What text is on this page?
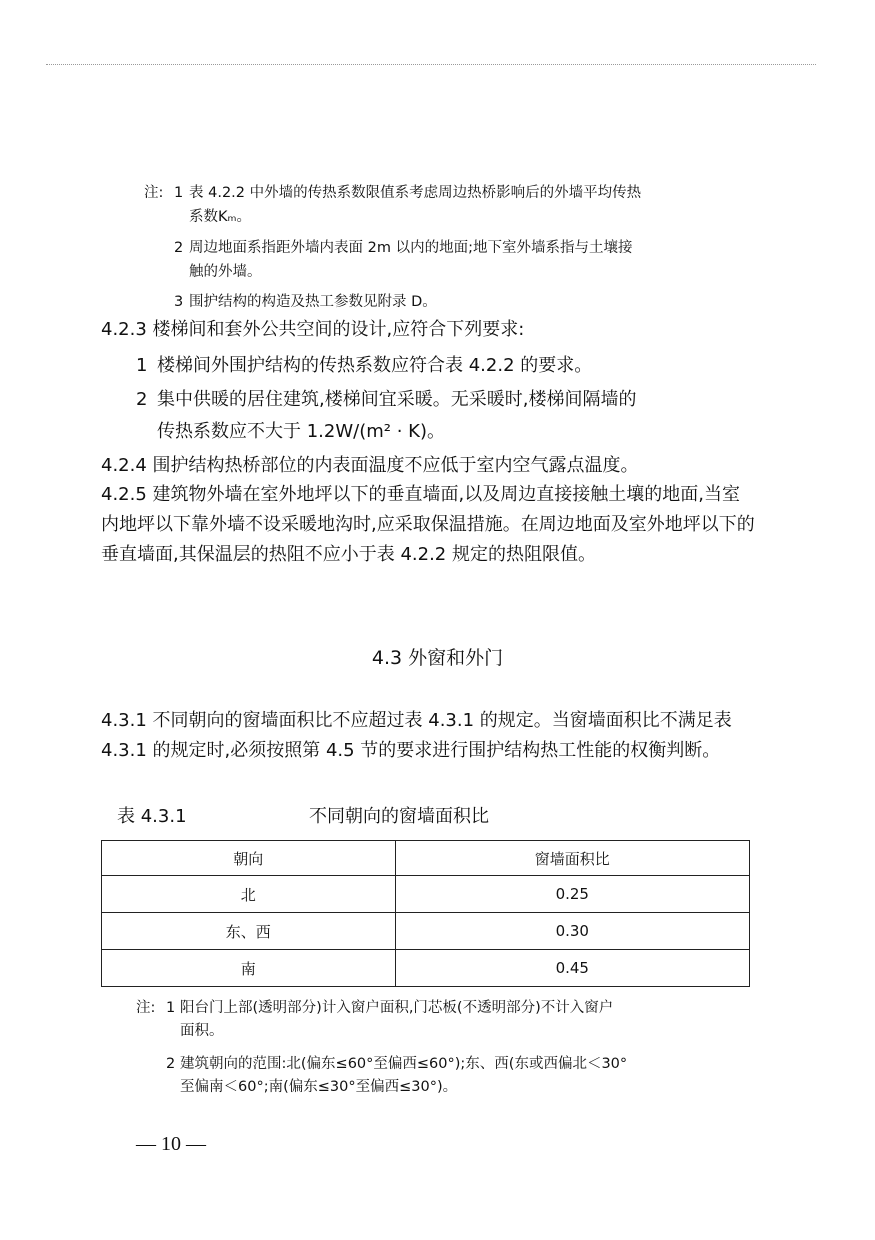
注: 1 表 4.2.2 中外墙的传热系数限值系考虑周边热桥影响后的外墙平均传热
系数Kₘ。
2 周边地面系指距外墙内表面 2m 以内的地面;地下室外墙系指与土壤接
触的外墙。
3 围护结构的构造及热工参数见附录 D。
4.2.3 楼梯间和套外公共空间的设计,应符合下列要求:
1 楼梯间外围护结构的传热系数应符合表 4.2.2 的要求。
2 集中供暖的居住建筑,楼梯间宜采暖。无采暖时,楼梯间隔墙的
传热系数应不大于 1.2W/(m² · K)。
4.2.4 围护结构热桥部位的内表面温度不应低于室内空气露点温度。
4.2.5 建筑物外墙在室外地坪以下的垂直墙面,以及周边直接接触土壤的地面,当室内地坪以下靠外墙不设采暖地沟时,应采取保温措施。在周边地面及室外地坪以下的垂直墙面,其保温层的热阻不应小于表 4.2.2 规定的热阻限值。
4.3 外窗和外门
4.3.1 不同朝向的窗墙面积比不应超过表 4.3.1 的规定。当窗墙面积比不满足表 4.3.1 的规定时,必须按照第 4.5 节的要求进行围护结构热工性能的权衡判断。
表 4.3.1	不同朝向的窗墙面积比
朝向	窗墙面积比
北	0.25
东、西	0.30
南	0.45
注: 1 阳台门上部(透明部分)计入窗户面积,门芯板(不透明部分)不计入窗户
面积。
2 建筑朝向的范围:北(偏东≤60°至偏西≤60°);东、西(东或西偏北＜30°
至偏南＜60°;南(偏东≤30°至偏西≤30°)。
— 10 —
